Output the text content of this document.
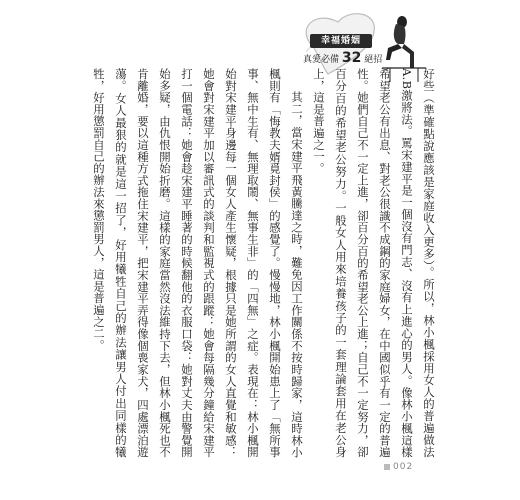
幸福婚姻
真愛必備 32 絕招

好些（準確點說應該是家庭收入更多）。所以，林小楓採用女人的普遍做法A.B激將法。罵宋建平是一個沒有門志、沒有上進心的男人。像林小楓這樣希望老公有出息、對老公很識不成鋼的家庭婦女，在中國似乎有一定的普遍性。她們自己不一定上進，卻百分百的希望老公上進；自己不一定努力，卻百分百的希望老公努力。一般女人用來培養孩子的一套理論套用在老公身上，這是普遍之一。

其二，當宋建平飛黃騰達之時，難免因工作關係不按時歸家，這時林小楓則有「悔教夫婿覓封侯」的感覺了。慢慢地，林小楓開始患上了「無所事事、無中生有、無理取鬧、無事生非」的「四無」之症。表現在：林小楓開始對宋建平身邊每一個女人產生懷疑，根據只是她所謂的女人直覺和敏感：她會對宋建平加以審訊式的談判和監視式的跟蹤：她會每隔幾分鐘給宋建平打一個電話：她會趁宋建平睡著的時候翻他的衣服口袋：她對丈夫由警覺開始多疑，由仇恨開始折磨。這樣的家庭當然沒法維持下去，但林小楓死也不肯離婚，要以這種方式拖住宋建平，把宋建平弄得像個喪家犬，四處漂泊遊蕩。女人最狠的就是這一招了，好用犧牲自己的辦法讓男人付出同樣的犧牲，好用懲罰自己的辦法來懲罰男人，這是普遍之二。

002
